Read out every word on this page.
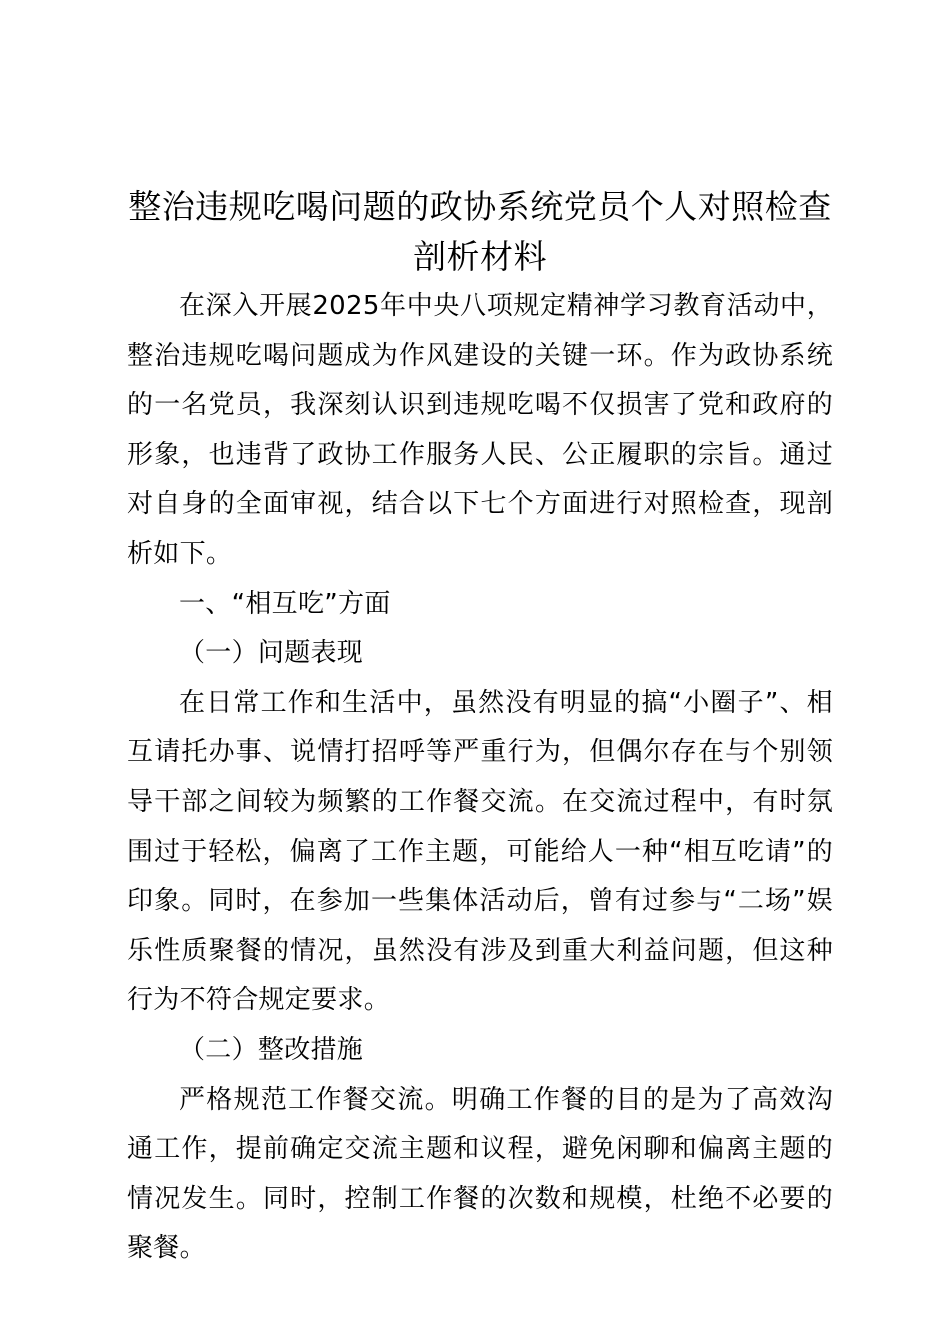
整治违规吃喝问题的政协系统党员个人对照检查剖析材料

在深入开展2025年中央八项规定精神学习教育活动中，整治违规吃喝问题成为作风建设的关键一环。作为政协系统的一名党员，我深刻认识到违规吃喝不仅损害了党和政府的形象，也违背了政协工作服务人民、公正履职的宗旨。通过对自身的全面审视，结合以下七个方面进行对照检查，现剖析如下。

一、“相互吃”方面

（一）问题表现

在日常工作和生活中，虽然没有明显的搞“小圈子”、相互请托办事、说情打招呼等严重行为，但偶尔存在与个别领导干部之间较为频繁的工作餐交流。在交流过程中，有时氛围过于轻松，偏离了工作主题，可能给人一种“相互吃请”的印象。同时，在参加一些集体活动后，曾有过参与“二场”娱乐性质聚餐的情况，虽然没有涉及到重大利益问题，但这种行为不符合规定要求。

（二）整改措施

严格规范工作餐交流。明确工作餐的目的是为了高效沟通工作，提前确定交流主题和议程，避免闲聊和偏离主题的情况发生。同时，控制工作餐的次数和规模，杜绝不必要的聚餐。
